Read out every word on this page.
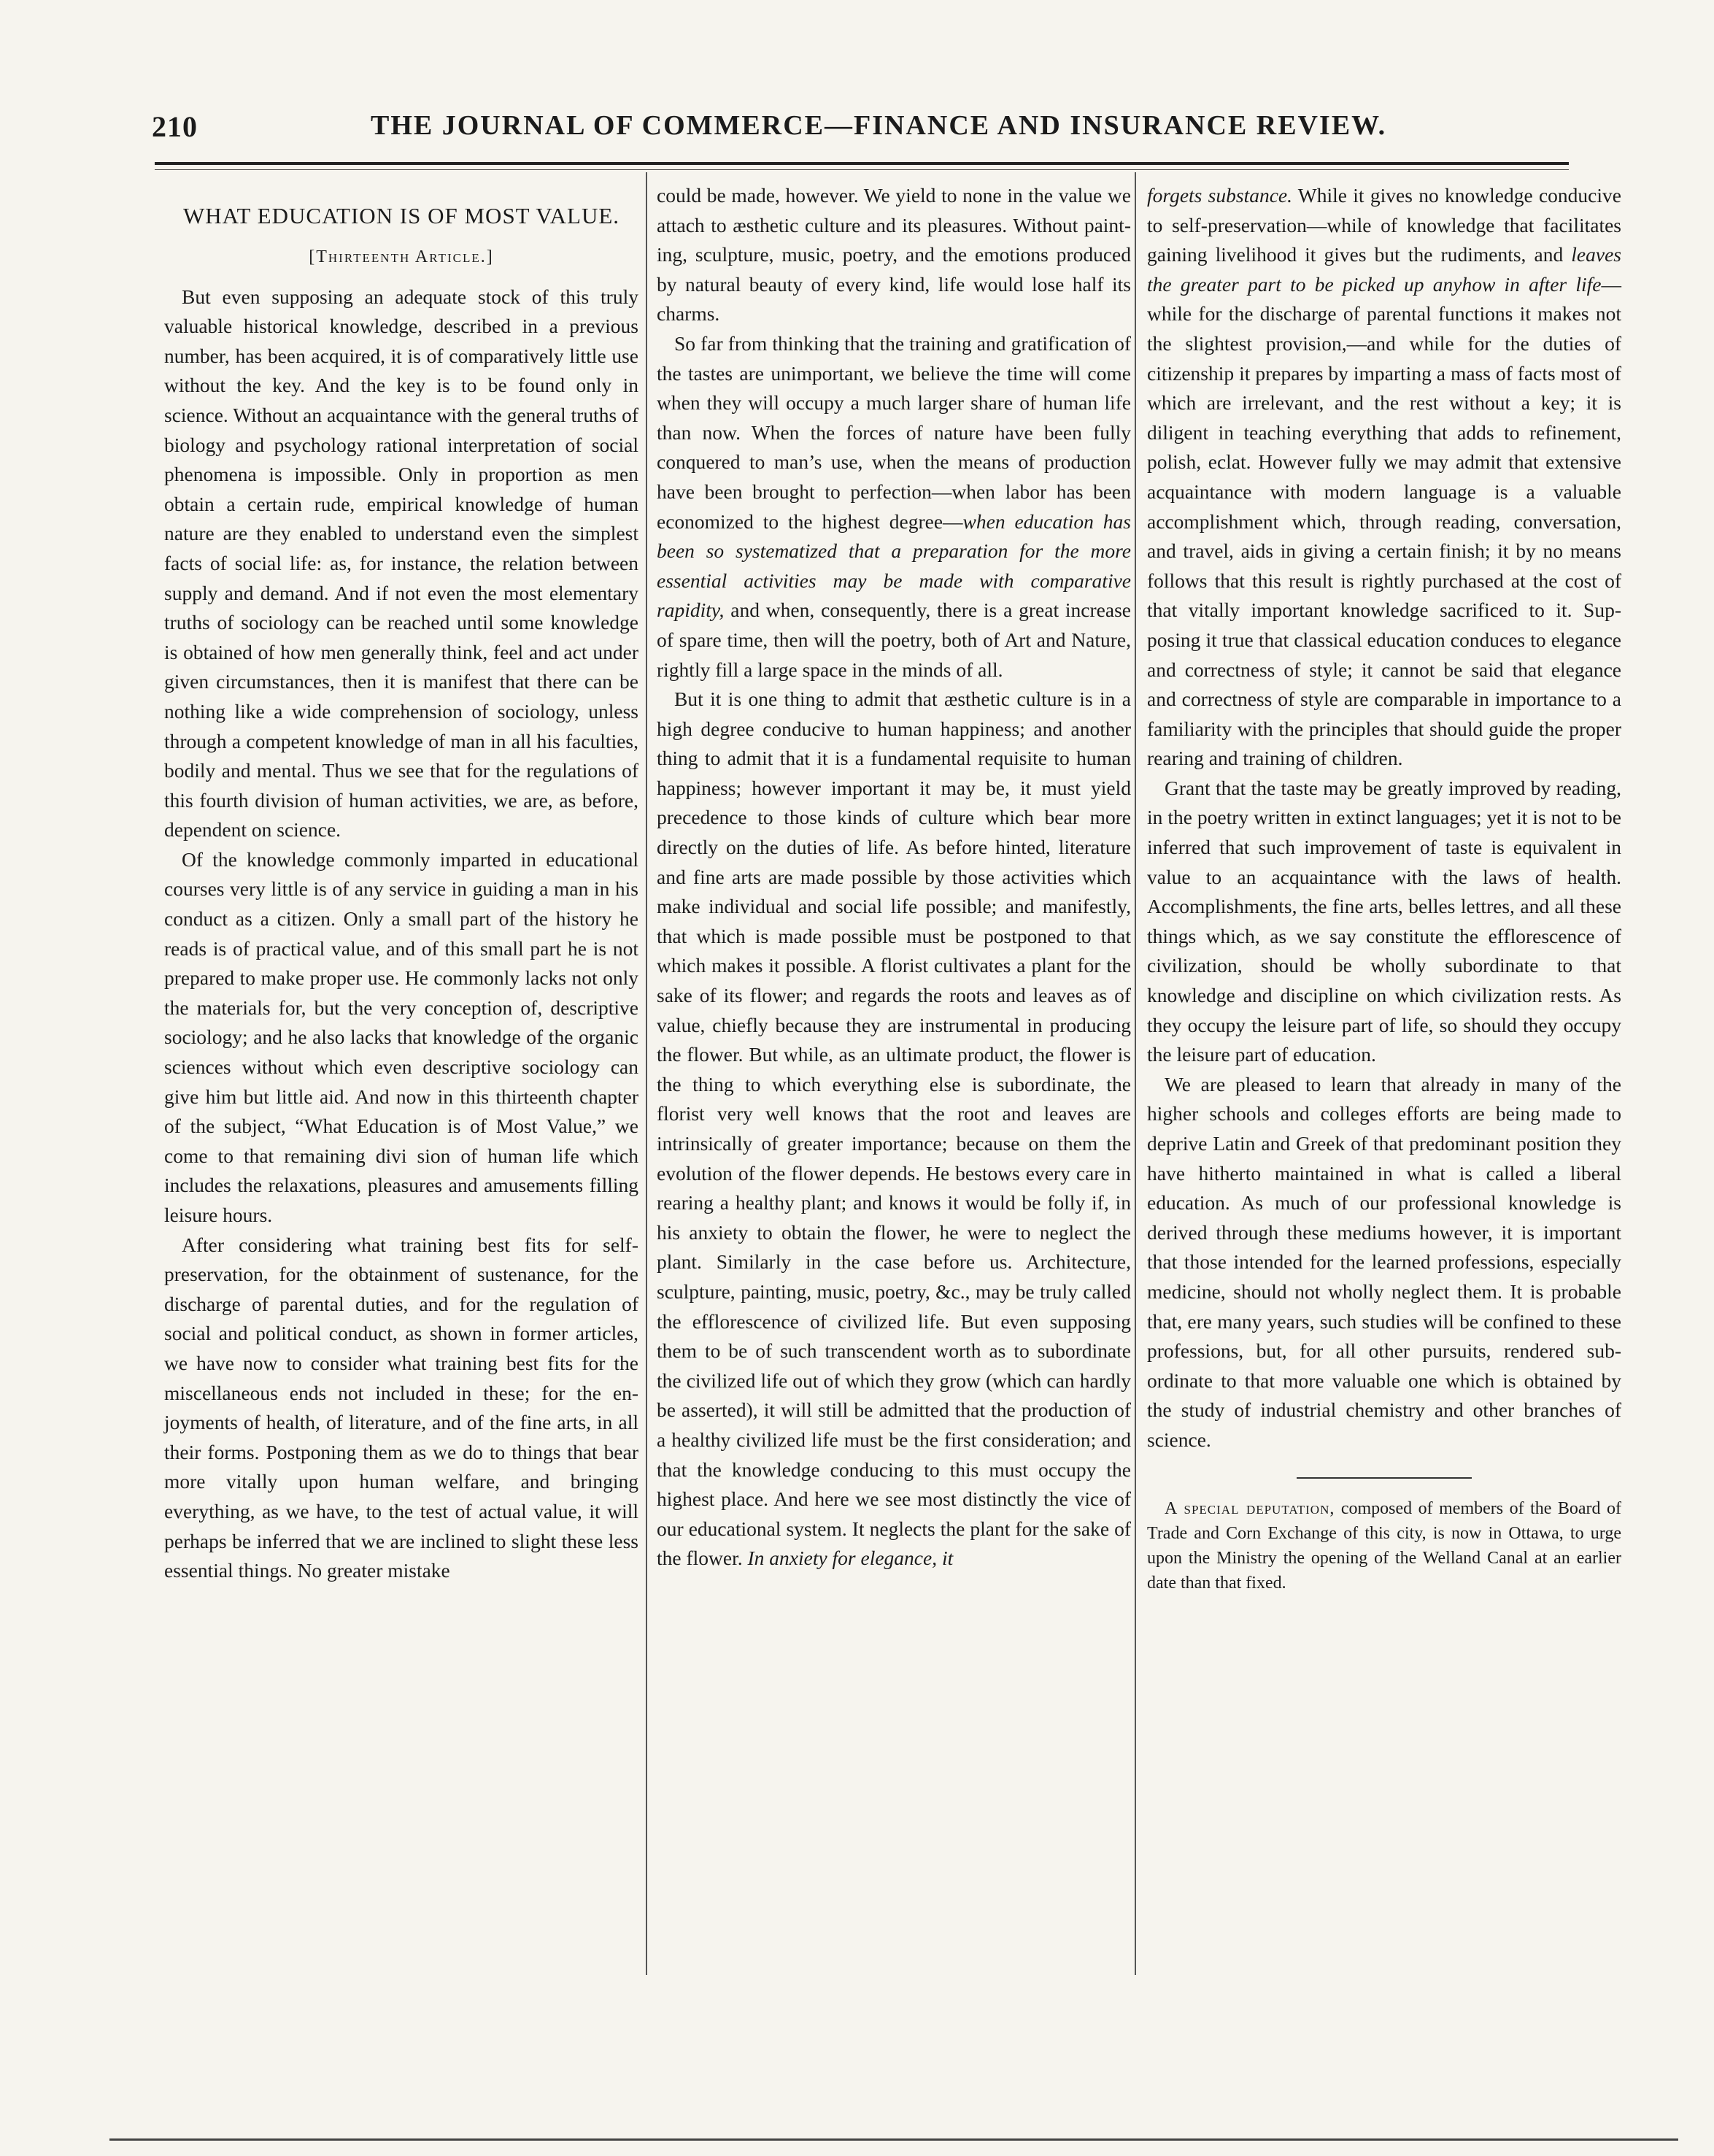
210	THE JOURNAL OF COMMERCE—FINANCE AND INSURANCE REVIEW.
WHAT EDUCATION IS OF MOST VALUE.
[Thirteenth Article.]

But even supposing an adequate stock of this truly valuable historical knowledge, described in a previous number, has been acquired, it is of comparatively little use without the key. And the key is to be found only in science. Without an acquaintance with the general truths of biology and psychology rational interpretation of social phenomena is impossible. Only in proportion as men obtain a certain rude, empirical knowledge of human nature are they enabled to understand even the simplest facts of social life: as, for instance, the relation between supply and demand. And if not even the most elementary truths of sociology can be reached until some knowledge is obtained of how men generally think, feel and act under given circumstances, then it is manifest that there can be nothing like a wide comprehension of sociology, unless through a competent knowledge of man in all his faculties, bodily and mental. Thus we see that for the regulations of this fourth division of human activities, we are, as before, dependent on science.

Of the knowledge commonly imparted in educational courses very little is of any service in guiding a man in his conduct as a citizen. Only a small part of the history he reads is of practical value, and of this small part he is not prepared to make proper use. He commonly lacks not only the materials for, but the very conception of, descriptive sociology; and he also lacks that knowledge of the organic sciences without which even descriptive sociology can give him but little aid. And now in this thirteenth chapter of the subject, “What Education is of Most Value,” we come to that remaining divi sion of human life which includes the relaxations, pleasures and amusements filling leisure hours.

After considering what training best fits for self-preservation, for the obtainment of sustenance, for the discharge of parental duties, and for the regulation of social and political conduct, as shown in former articles, we have now to consider what training best fits for the miscellaneous ends not included in these; for the enjoyments of health, of literature, and of the fine arts, in all their forms. Postponing them as we do to things that bear more vitally upon human welfare, and bringing everything, as we have, to the test of actual value, it will perhaps be inferred that we are inclined to slight these less essential things. No greater mistake

could be made, however. We yield to none in the value we attach to æsthetic culture and its pleasures. Without painting, sculpture, music, poetry, and the emotions produced by natural beauty of every kind, life would lose half its charms.

So far from thinking that the training and gratification of the tastes are unimportant, we believe the time will come when they will occupy a much larger share of human life than now. When the forces of nature have been fully conquered to man’s use, when the means of production have been brought to perfection—when labor has been economized to the highest degree—when education has been so systematized that a preparation for the more essential activities may be made with comparative rapidity, and when, consequently, there is a great increase of spare time, then will the poetry, both of Art and Nature, rightly fill a large space in the minds of all.

But it is one thing to admit that æsthetic culture is in a high degree conducive to human happiness; and another thing to admit that it is a fundamental requisite to human happiness; however important it may be, it must yield precedence to those kinds of culture which bear more directly on the duties of life. As before hinted, literature and fine arts are made possible by those activities which make individual and social life possible; and manifestly, that which is made possible must be postponed to that which makes it possible. A florist cultivates a plant for the sake of its flower; and regards the roots and leaves as of value, chiefly because they are instrumental in producing the flower. But while, as an ultimate product, the flower is the thing to which everything else is subordinate, the florist very well knows that the root and leaves are intrinsically of greater importance; because on them the evolution of the flower depends. He bestows every care in rearing a healthy plant; and knows it would be folly if, in his anxiety to obtain the flower, he were to neglect the plant. Similarly in the case before us. Architecture, sculpture, painting, music, poetry, &c., may be truly called the efflorescence of civilized life. But even supposing them to be of such transcendent worth as to subordinate the civilized life out of which they grow (which can hardly be asserted), it will still be admitted that the production of a healthy civilized life must be the first consideration; and that the knowledge conducing to this must occupy the highest place. And here we see most distinctly the vice of our educational system. It neglects the plant for the sake of the flower. In anxiety for elegance, it

forgets substance. While it gives no knowledge conducive to self-preservation—while of knowledge that facilitates gaining livelihood it gives but the rudiments, and leaves the greater part to be picked up anyhow in after life—while for the discharge of parental functions it makes not the slightest provision,—and while for the duties of citizenship it prepares by imparting a mass of facts most of which are irrelevant, and the rest without a key; it is diligent in teaching everything that adds to refinement, polish, eclat. However fully we may admit that extensive acquaintance with modern language is a valuable accomplishment which, through reading, conversation, and travel, aids in giving a certain finish; it by no means follows that this result is rightly purchased at the cost of that vitally important knowledge sacrificed to it. Supposing it true that classical education conduces to elegance and correctness of style; it cannot be said that elegance and correctness of style are comparable in importance to a familiarity with the principles that should guide the proper rearing and training of children.

Grant that the taste may be greatly improved by reading, in the poetry written in extinct languages; yet it is not to be inferred that such improvement of taste is equivalent in value to an acquaintance with the laws of health. Accomplishments, the fine arts, belles lettres, and all these things which, as we say constitute the efflorescence of civilization, should be wholly subordinate to that knowledge and discipline on which civilization rests. As they occupy the leisure part of life, so should they occupy the leisure part of education.

We are pleased to learn that already in many of the higher schools and colleges efforts are being made to deprive Latin and Greek of that predominant position they have hitherto maintained in what is called a liberal education. As much of our professional knowledge is derived through these mediums however, it is important that those intended for the learned professions, especially medicine, should not wholly neglect them. It is probable that, ere many years, such studies will be confined to these professions, but, for all other pursuits, rendered subordinate to that more valuable one which is obtained by the study of industrial chemistry and other branches of science.

A special deputation, composed of members of the Board of Trade and Corn Exchange of this city, is now in Ottawa, to urge upon the Ministry the opening of the Welland Canal at an earlier date than that fixed.
